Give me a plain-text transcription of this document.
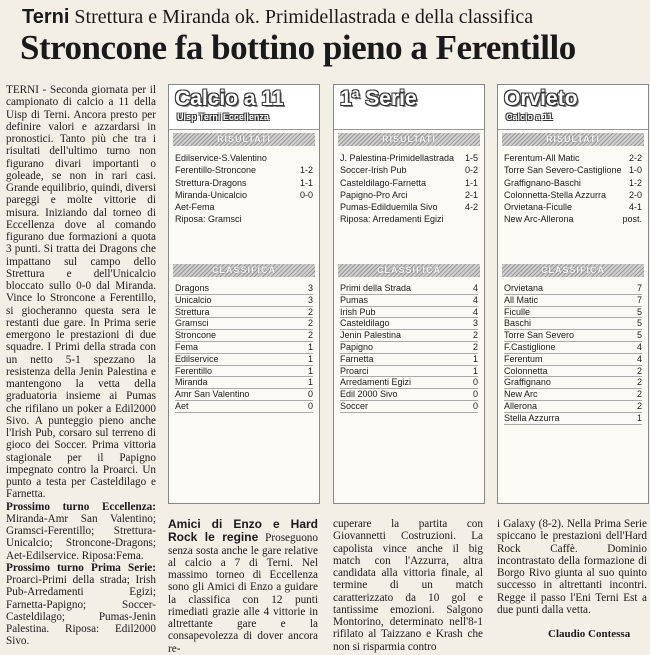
Terni Strettura e Miranda ok. Primidellastrada e della classifica
Stroncone fa bottino pieno a Ferentillo

TERNI - Seconda giornata per il campionato di calcio a 11 della Uisp di Terni. Ancora presto per definire valori e azzardarsi in pronostici. Tanto più che tra i risultati dell'ultimo turno non figurano divari importanti o goleade, se non in rari casi. Grande equilibrio, quindi, diversi pareggi e molte vittorie di misura. Iniziando dal torneo di Eccellenza dove al comando figurano due formazioni a quota 3 punti. Si tratta dei Dragons che impattano sul campo dello Strettura e dell'Unicalcio bloccato sullo 0-0 dal Miranda. Vince lo Stroncone a Ferentillo, si giocheranno questa sera le restanti due gare. In Prima serie emergono le prestazioni di due squadre. I Primi della strada con un netto 5-1 spezzano la resistenza della Jenin Palestina e mantengono la vetta della graduatoria insieme ai Pumas che rifilano un poker a Edil2000 Sivo. A punteggio pieno anche l'Irish Pub, corsaro sul terreno di gioco dei Soccer. Prima vittoria stagionale per il Papigno impegnato contro la Proarci. Un punto a testa per Casteldilago e Farnetta.

Prossimo turno Eccellenza: Miranda-Amr San Valentino; Gramsci-Ferentillo; Strettura-Unicalcio; Stroncone-Dragons; Aet-Edilservice. Riposa:Fema.

Prossimo turno Prima Serie: Proarci-Primi della strada; Irish Pub-Arredamenti Egizi; Farnetta-Papigno; Soccer-Casteldilago; Pumas-Jenin Palestina. Riposa: Edil2000 Sivo.

Calcio a 11
Uisp Terni Eccellenza
RISULTATI
Edilservice-S.Valentino
Ferentillo-Stroncone	1-2
Strettura-Dragons	1-1
Miranda-Unicalcio	0-0
Aet-Fema
Riposa: Gramsci
CLASSIFICA
Dragons	3
Unicalcio	3
Strettura	2
Gramsci	2
Stroncone	2
Fema	1
Edilservice	1
Ferentillo	1
Miranda	1
Amr San Valentino	0
Aet	0
1ª Serie
RISULTATI
J. Palestina-Primidellastrada 1-5
Soccer-Irish Pub	0-2
Casteldilago-Farnetta	1-1
Papigno-Pro Arci	2-1
Pumas-Edilduemila Sivo	4-2
Riposa: Arredamenti Egizi
CLASSIFICA
Primi della Strada	4
Pumas	4
Irish Pub	4
Casteldilago	3
Jenin Palestina	2
Papigno	2
Farnetta	1
Proarci	1
Arredamenti Egizi	0
Edil 2000 Sivo	0
Soccer	0
Orvieto
Calcio a 11
RISULTATI
Ferentum-All Matic	2-2
Torre San Severo-Castiglione 1-0
Graffignano-Baschi	1-2
Colonnetta-Stella Azzurra	2-0
Orvietana-Ficulle	4-1
New Arc-Allerona	post.
CLASSIFICA
Orvietana	7
All Matic	7
Ficulle	5
Baschi	5
Torre San Severo	5
F.Castiglione	4
Ferentum	4
Colonnetta	2
Graffignano	2
New Arc	2
Allerona	2
Stella Azzurra	1

Amici di Enzo e Hard Rock le regine Proseguono senza sosta anche le gare relative al calcio a 7 di Terni. Nel massimo torneo di Eccellenza sono gli Amici di Enzo a guidare la classifica con 12 punti rimediati grazie alle 4 vittorie in altrettante gare e la consapevolezza di dover ancora re-

cuperare la partita con Giovannetti Costruzioni. La capolista vince anche il big match con l'Azzurra, altra candidata alla vittoria finale, al termine di un match caratterizzato da 10 gol e tantissime emozioni. Salgono Montorino, determinato nell'8-1 rifilato al Taizzano e Krash che non si risparmia contro

i Galaxy (8-2). Nella Prima Serie spiccano le prestazioni dell'Hard Rock Caffè. Dominio incontrastato della formazione di Borgo Rivo giunta al suo quinto successo in altrettanti incontri. Regge il passo l'Eni Terni Est a due punti dalla vetta.

Claudio Contessa
